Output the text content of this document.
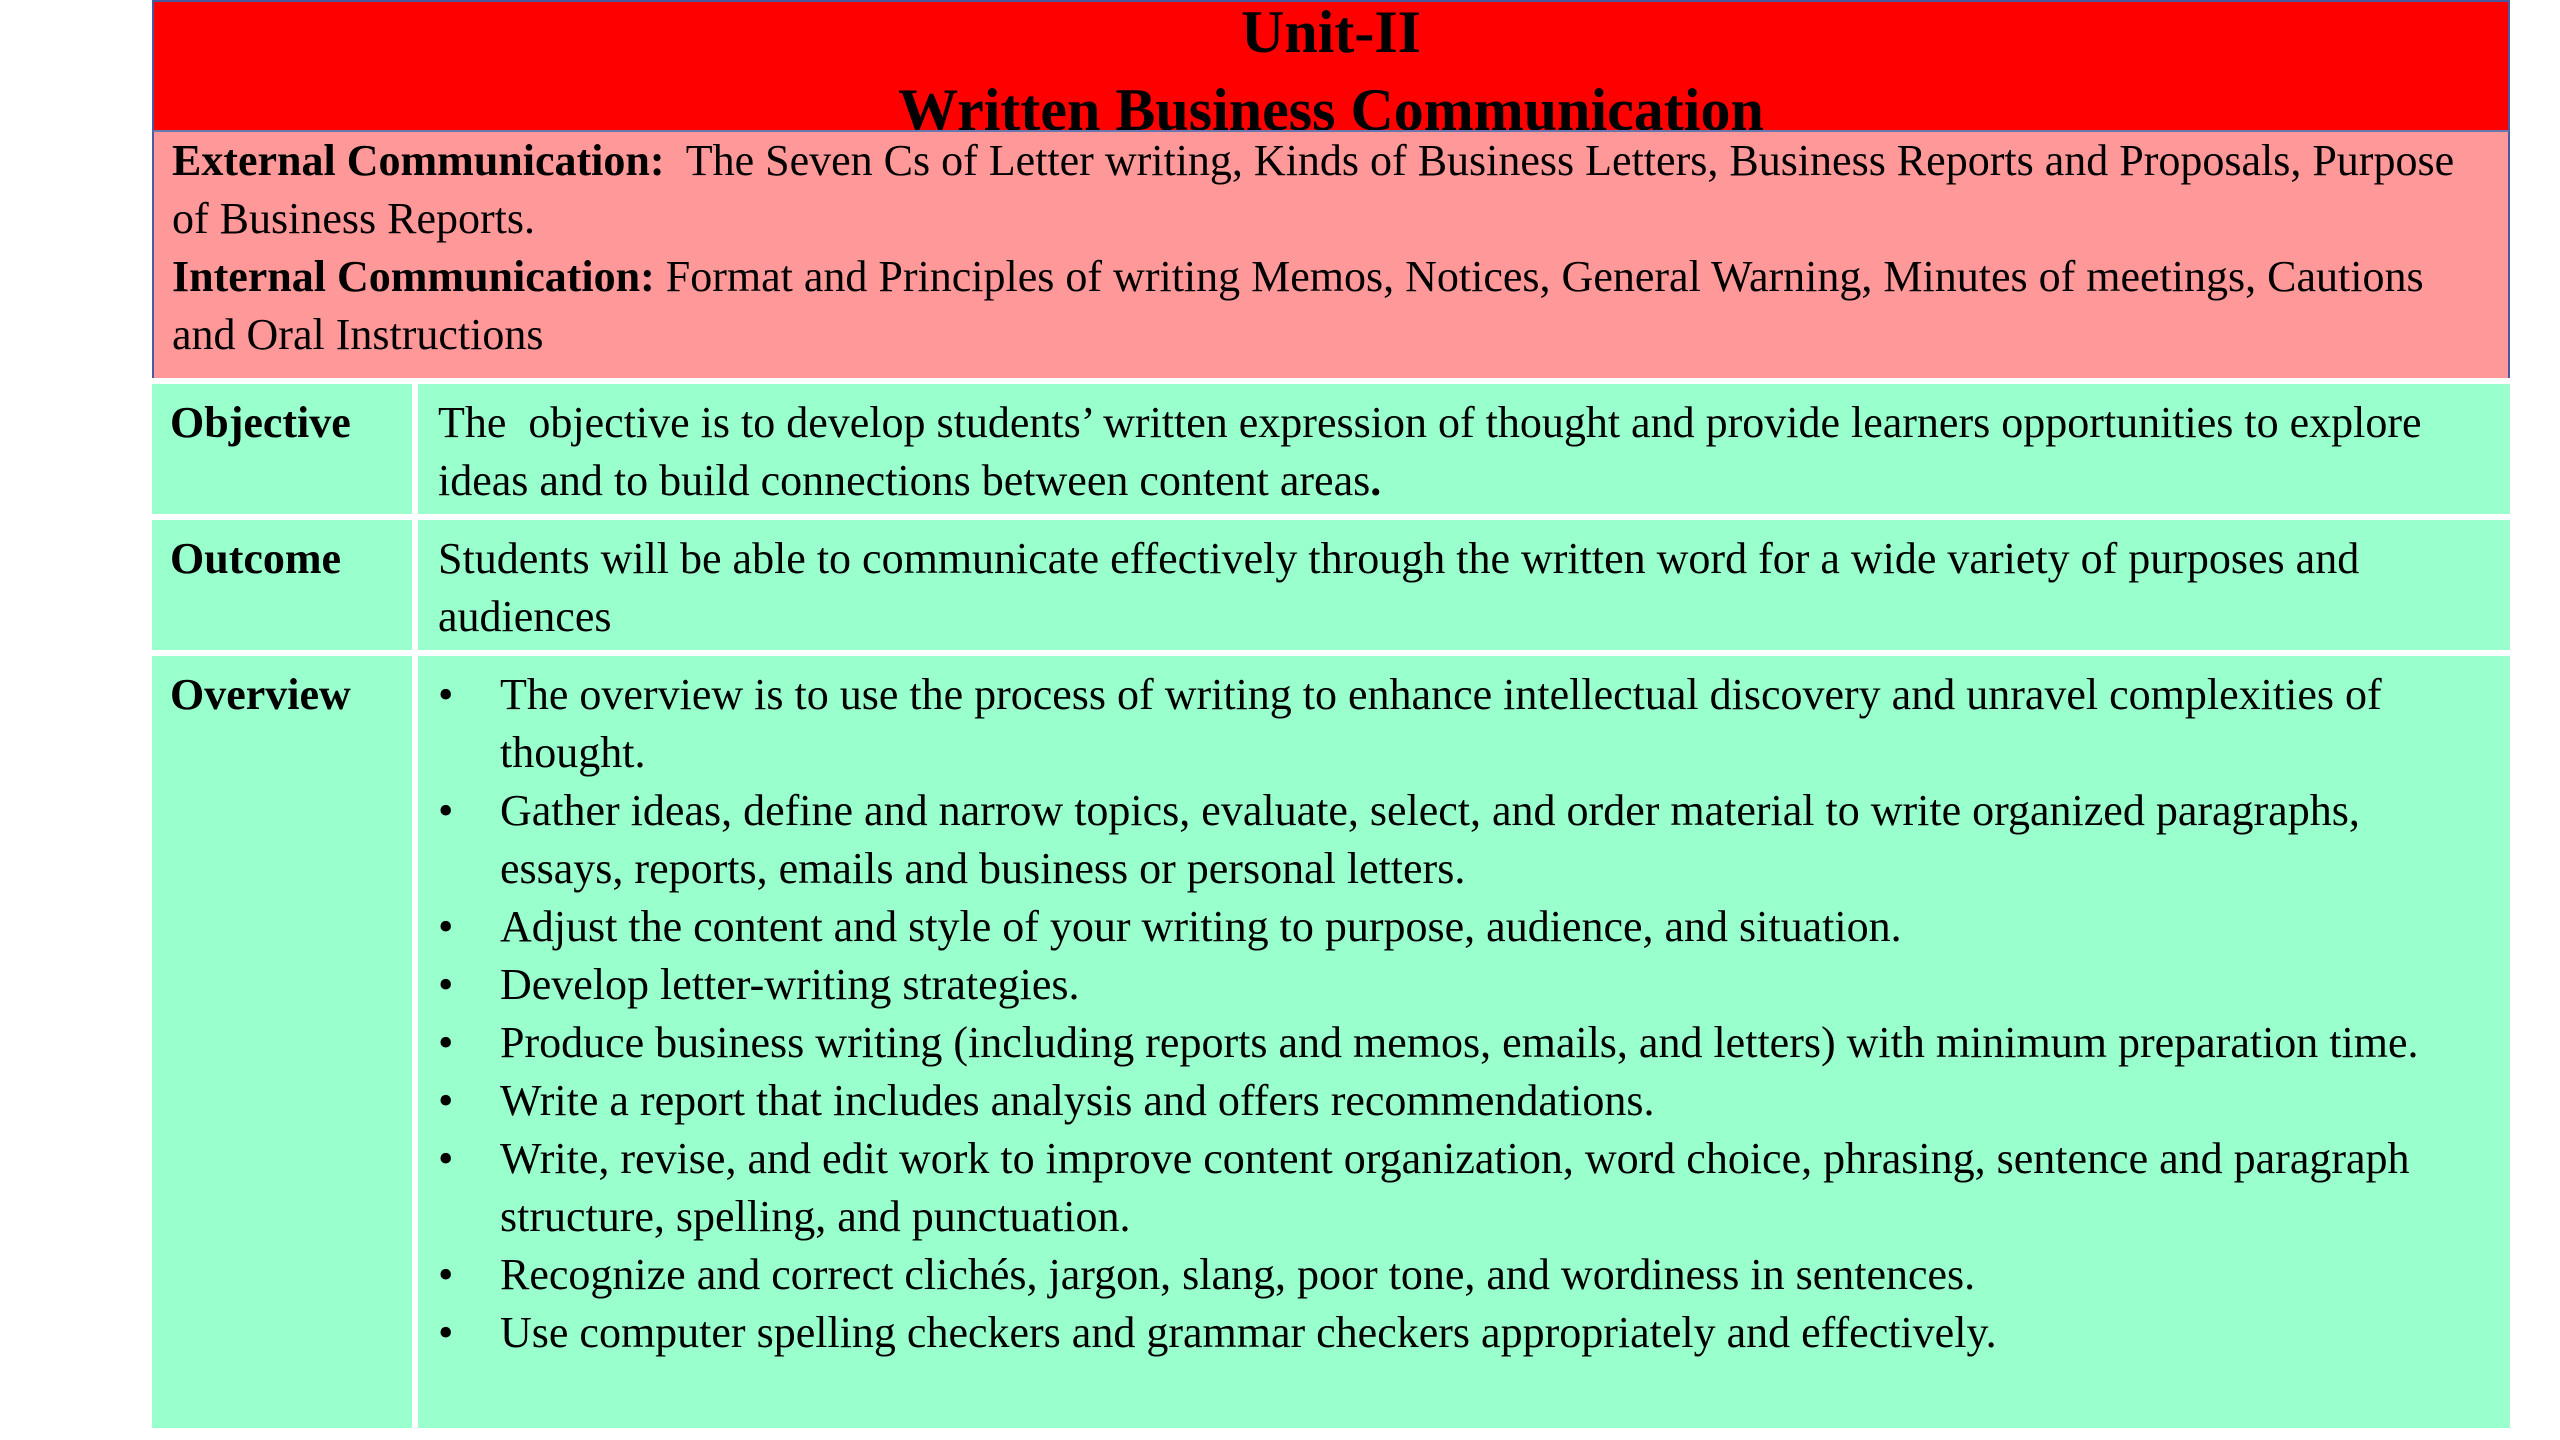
Unit-II
Written Business Communication

External Communication:  The Seven Cs of Letter writing, Kinds of Business Letters, Business Reports and Proposals, Purpose of Business Reports.

Internal Communication: Format and Principles of writing Memos, Notices, General Warning, Minutes of meetings, Cautions and Oral Instructions

Objective	The  objective is to develop students’ written expression of thought and provide learners opportunities to explore ideas and to build connections between content areas.
Outcome	Students will be able to communicate effectively through the written word for a wide variety of purposes and audiences
Overview	• The overview is to use the process of writing to enhance intellectual discovery and unravel complexities of thought.
• Gather ideas, define and narrow topics, evaluate, select, and order material to write organized paragraphs, essays, reports, emails and business or personal letters.
• Adjust the content and style of your writing to purpose, audience, and situation.
• Develop letter-writing strategies.
• Produce business writing (including reports and memos, emails, and letters) with minimum preparation time.
• Write a report that includes analysis and offers recommendations.
• Write, revise, and edit work to improve content organization, word choice, phrasing, sentence and paragraph structure, spelling, and punctuation.
• Recognize and correct clichés, jargon, slang, poor tone, and wordiness in sentences.
• Use computer spelling checkers and grammar checkers appropriately and effectively.
